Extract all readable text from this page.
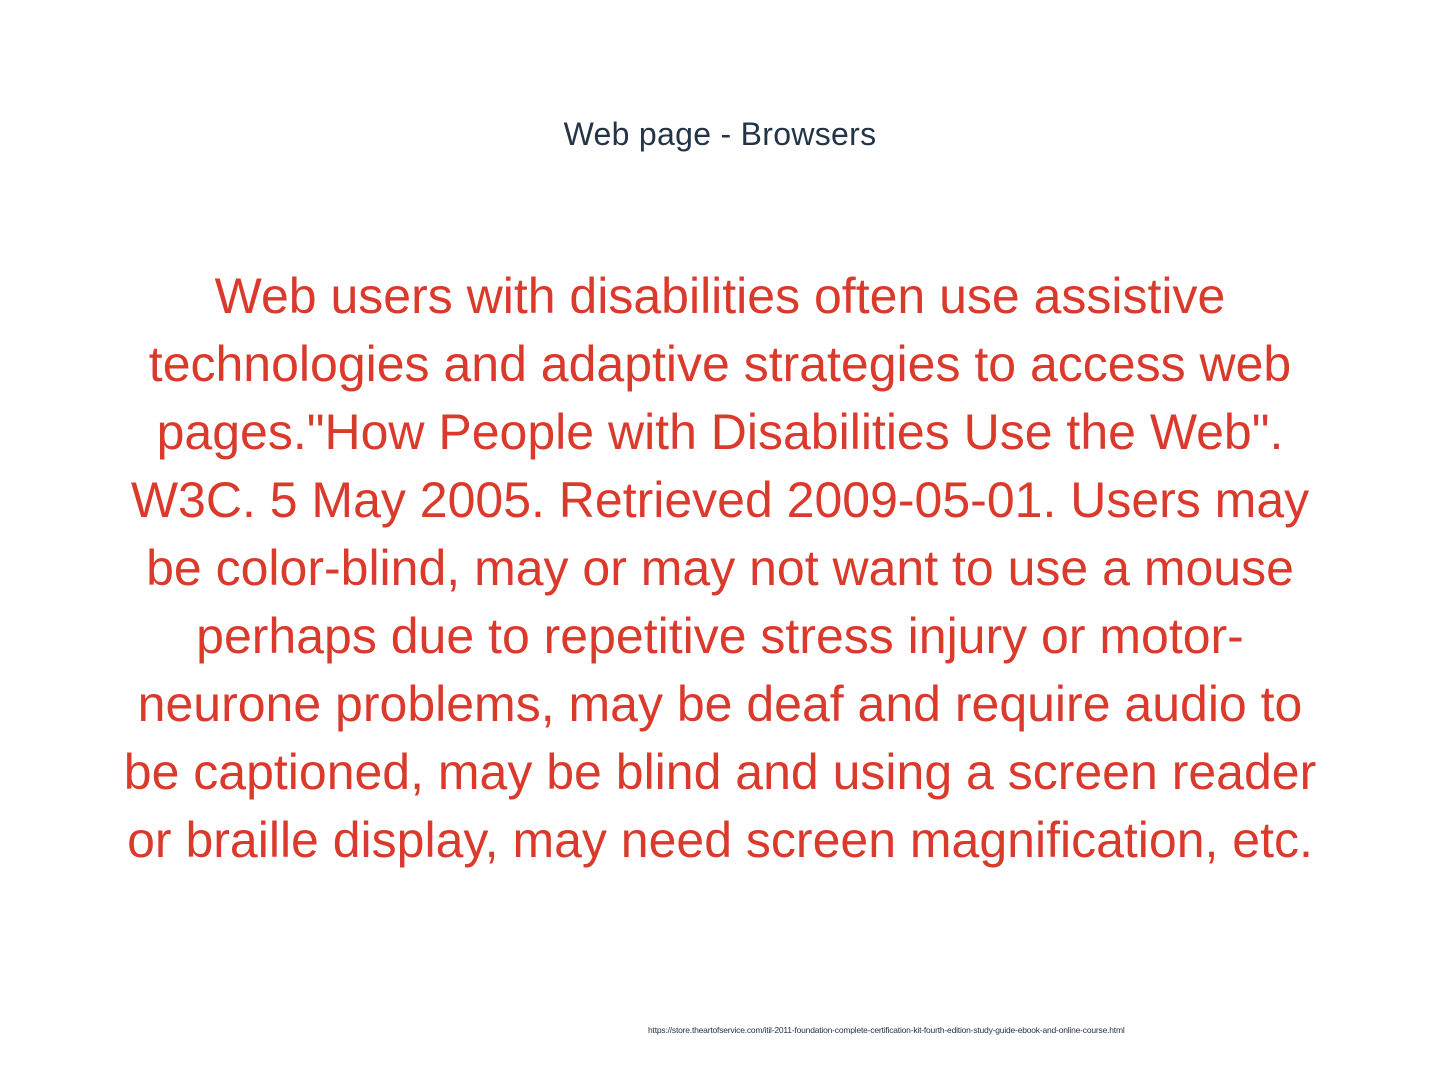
Web page - Browsers

Web users with disabilities often use assistive technologies and adaptive strategies to access web pages."How People with Disabilities Use the Web". W3C. 5 May 2005. Retrieved 2009-05-01. Users may be color-blind, may or may not want to use a mouse perhaps due to repetitive stress injury or motor-neurone problems, may be deaf and require audio to be captioned, may be blind and using a screen reader or braille display, may need screen magnification, etc.

https://store.theartofservice.com/itil-2011-foundation-complete-certification-kit-fourth-edition-study-guide-ebook-and-online-course.html
